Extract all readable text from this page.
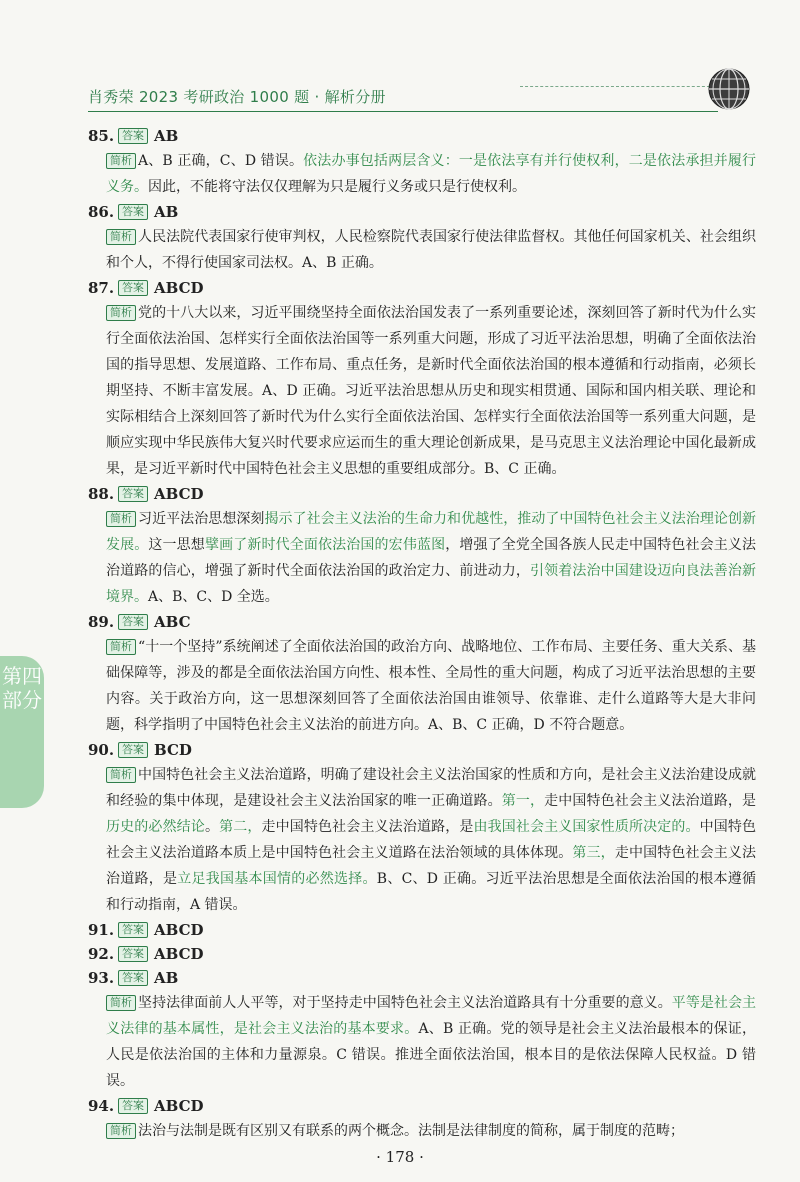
肖秀荣 2023 考研政治 1000 题 · 解析分册
第四部分
85. 答案 AB
简析 A、B 正确，C、D 错误。依法办事包括两层含义：一是依法享有并行使权利，二是依法承担并履行义务。因此，不能将守法仅仅理解为只是履行义务或只是行使权利。
86. 答案 AB
简析 人民法院代表国家行使审判权，人民检察院代表国家行使法律监督权。其他任何国家机关、社会组织和个人，不得行使国家司法权。A、B 正确。
87. 答案 ABCD
简析 党的十八大以来，习近平围绕坚持全面依法治国发表了一系列重要论述，深刻回答了新时代为什么实行全面依法治国、怎样实行全面依法治国等一系列重大问题，形成了习近平法治思想，明确了全面依法治国的指导思想、发展道路、工作布局、重点任务，是新时代全面依法治国的根本遵循和行动指南，必须长期坚持、不断丰富发展。A、D 正确。习近平法治思想从历史和现实相贯通、国际和国内相关联、理论和实际相结合上深刻回答了新时代为什么实行全面依法治国、怎样实行全面依法治国等一系列重大问题，是顺应实现中华民族伟大复兴时代要求应运而生的重大理论创新成果，是马克思主义法治理论中国化最新成果，是习近平新时代中国特色社会主义思想的重要组成部分。B、C 正确。
88. 答案 ABCD
简析 习近平法治思想深刻揭示了社会主义法治的生命力和优越性，推动了中国特色社会主义法治理论创新发展。这一思想擘画了新时代全面依法治国的宏伟蓝图，增强了全党全国各族人民走中国特色社会主义法治道路的信心，增强了新时代全面依法治国的政治定力、前进动力，引领着法治中国建设迈向良法善治新境界。A、B、C、D 全选。
89. 答案 ABC
简析 “十一个坚持”系统阐述了全面依法治国的政治方向、战略地位、工作布局、主要任务、重大关系、基础保障等，涉及的都是全面依法治国方向性、根本性、全局性的重大问题，构成了习近平法治思想的主要内容。关于政治方向，这一思想深刻回答了全面依法治国由谁领导、依靠谁、走什么道路等大是大非问题，科学指明了中国特色社会主义法治的前进方向。A、B、C 正确，D 不符合题意。
90. 答案 BCD
简析 中国特色社会主义法治道路，明确了建设社会主义法治国家的性质和方向，是社会主义法治建设成就和经验的集中体现，是建设社会主义法治国家的唯一正确道路。第一，走中国特色社会主义法治道路，是历史的必然结论。第二，走中国特色社会主义法治道路，是由我国社会主义国家性质所决定的。中国特色社会主义法治道路本质上是中国特色社会主义道路在法治领域的具体体现。第三，走中国特色社会主义法治道路，是立足我国基本国情的必然选择。B、C、D 正确。习近平法治思想是全面依法治国的根本遵循和行动指南，A 错误。
91. 答案 ABCD
92. 答案 ABCD
93. 答案 AB
简析 坚持法律面前人人平等，对于坚持走中国特色社会主义法治道路具有十分重要的意义。平等是社会主义法律的基本属性，是社会主义法治的基本要求。A、B 正确。党的领导是社会主义法治最根本的保证，人民是依法治国的主体和力量源泉。C 错误。推进全面依法治国，根本目的是依法保障人民权益。D 错误。
94. 答案 ABCD
简析 法治与法制是既有区别又有联系的两个概念。法制是法律制度的简称，属于制度的范畴；
· 178 ·
